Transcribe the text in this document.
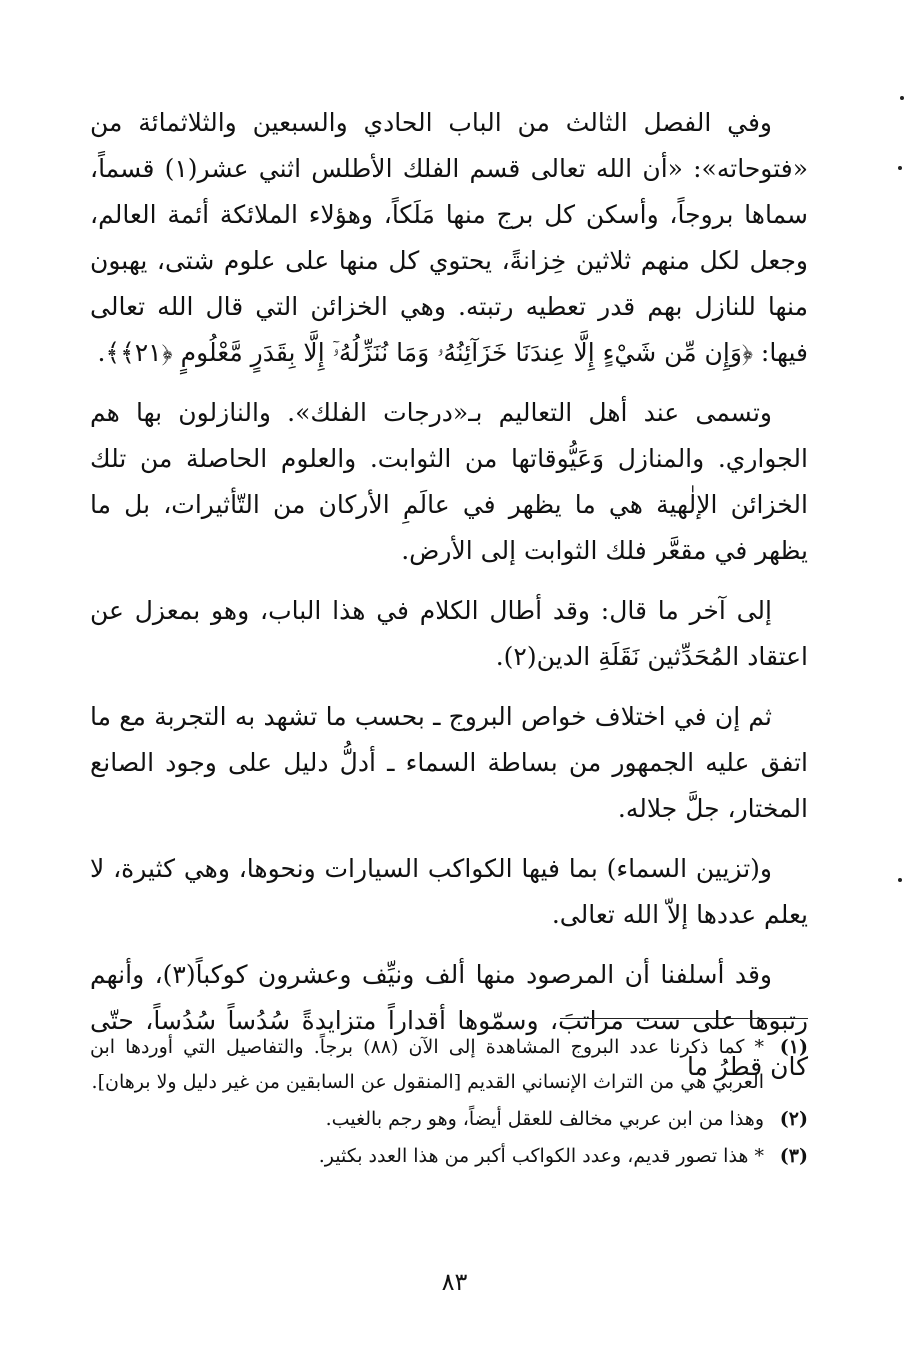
وفي الفصل الثالث من الباب الحادي والسبعين والثلاثمائة من «فتوحاته»: «أن الله تعالى قسم الفلك الأطلس اثني عشر(١) قسماً، سماها بروجاً، وأسكن كل برج منها مَلَكاً، وهؤلاء الملائكة أئمة العالم، وجعل لكل منهم ثلاثين خِزانةً، يحتوي كل منها على علوم شتى، يهبون منها للنازل بهم قدر تعطيه رتبته. وهي الخزائن التي قال الله تعالى فيها: ﴿وَإِن مِّن شَيْءٍ إِلَّا عِندَنَا خَزَآئِنُهُۥ وَمَا نُنَزِّلُهُۥٓ إِلَّا بِقَدَرٍ مَّعْلُومٍ ﴿٢١﴾﴾.

وتسمى عند أهل التعاليم بـ«درجات الفلك». والنازلون بها هم الجواري. والمنازل وَعَيُّوقاتها من الثوابت. والعلوم الحاصلة من تلك الخزائن الإلٰهية هي ما يظهر في عالَمِ الأركان من التّأثيرات، بل ما يظهر في مقعَّر فلك الثوابت إلى الأرض.

إلى آخر ما قال: وقد أطال الكلام في هذا الباب، وهو بمعزل عن اعتقاد المُحَدِّثين نَقَلَةِ الدين(٢).

ثم إن في اختلاف خواص البروج ـ بحسب ما تشهد به التجربة مع ما اتفق عليه الجمهور من بساطة السماء ـ أدلُّ دليل على وجود الصانع المختار، جلَّ جلاله.

و(تزيين السماء) بما فيها الكواكب السيارات ونحوها، وهي كثيرة، لا يعلم عددها إلاّ الله تعالى.

وقد أسلفنا أن المرصود منها ألف ونيِّف وعشرون كوكباً(٣)، وأنهم رتبوها على ست مراتبَ، وسمّوها أقداراً متزايدةً سُدُساً سُدُساً، حتّى كان قطرُ ما

(١)
* كما ذكرنا عدد البروج المشاهدة إلى الآن (٨٨) برجاً. والتفاصيل التي أوردها ابن العربي هي من التراث الإنساني القديم [المنقول عن السابقين من غير دليل ولا برهان].
(٢)
وهذا من ابن عربي مخالف للعقل أيضاً، وهو رجم بالغيب.
(٣)
* هذا تصور قديم، وعدد الكواكب أكبر من هذا العدد بكثير.
٨٣
